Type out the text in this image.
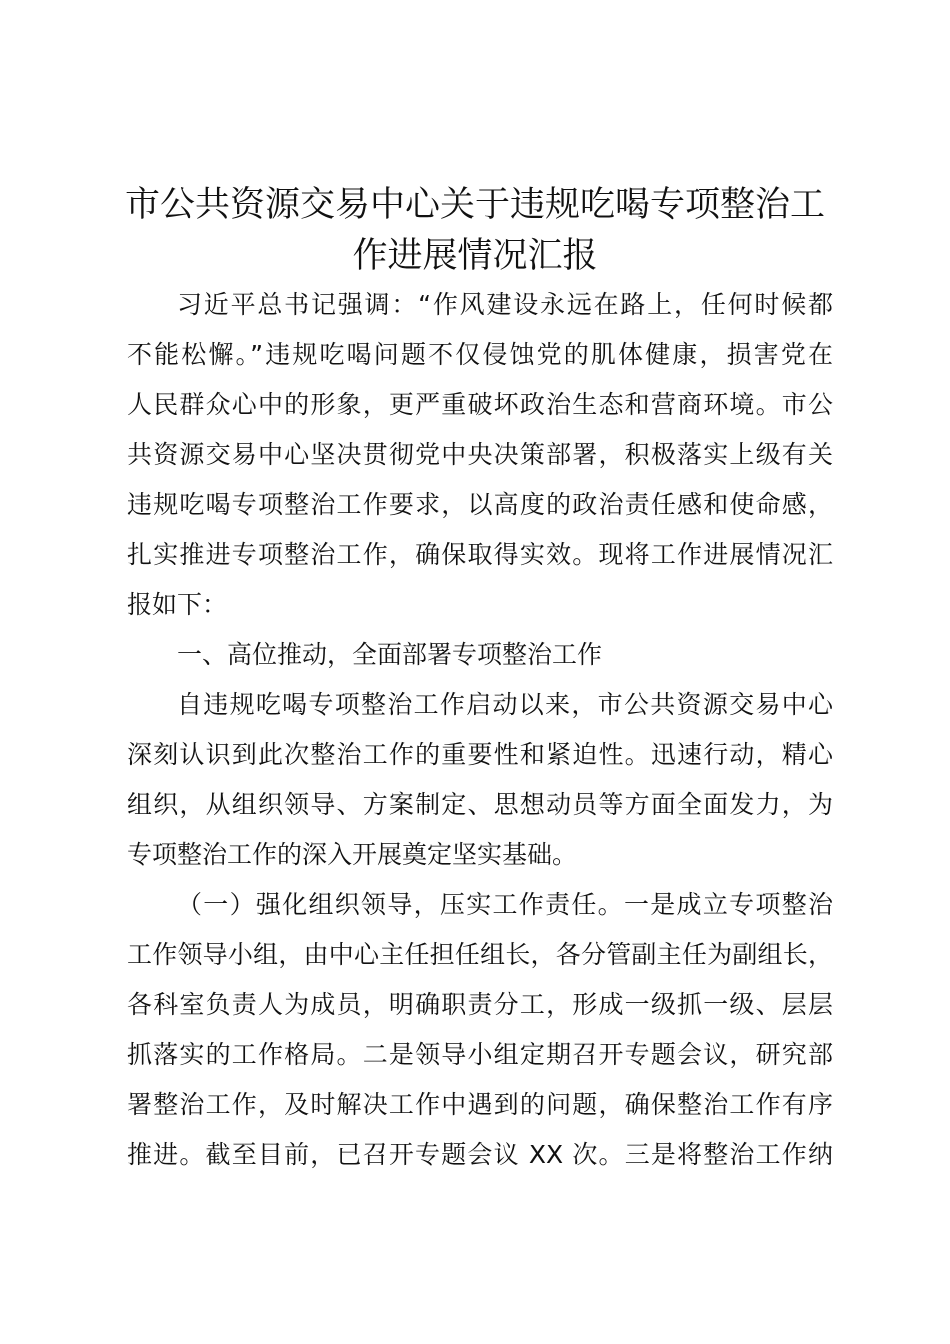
市公共资源交易中心关于违规吃喝专项整治工
作进展情况汇报
习近平总书记强调：“作风建设永远在路上，任何时候都
不能松懈。”违规吃喝问题不仅侵蚀党的肌体健康，损害党在
人民群众心中的形象，更严重破坏政治生态和营商环境。市公
共资源交易中心坚决贯彻党中央决策部署，积极落实上级有关
违规吃喝专项整治工作要求，以高度的政治责任感和使命感，
扎实推进专项整治工作，确保取得实效。现将工作进展情况汇
报如下：
一、高位推动，全面部署专项整治工作
自违规吃喝专项整治工作启动以来，市公共资源交易中心
深刻认识到此次整治工作的重要性和紧迫性。迅速行动，精心
组织，从组织领导、方案制定、思想动员等方面全面发力，为
专项整治工作的深入开展奠定坚实基础。
（一）强化组织领导，压实工作责任。一是成立专项整治
工作领导小组，由中心主任担任组长，各分管副主任为副组长，
各科室负责人为成员，明确职责分工，形成一级抓一级、层层
抓落实的工作格局。二是领导小组定期召开专题会议，研究部
署整治工作，及时解决工作中遇到的问题，确保整治工作有序
推进。截至目前，已召开专题会议 XX 次。三是将整治工作纳
